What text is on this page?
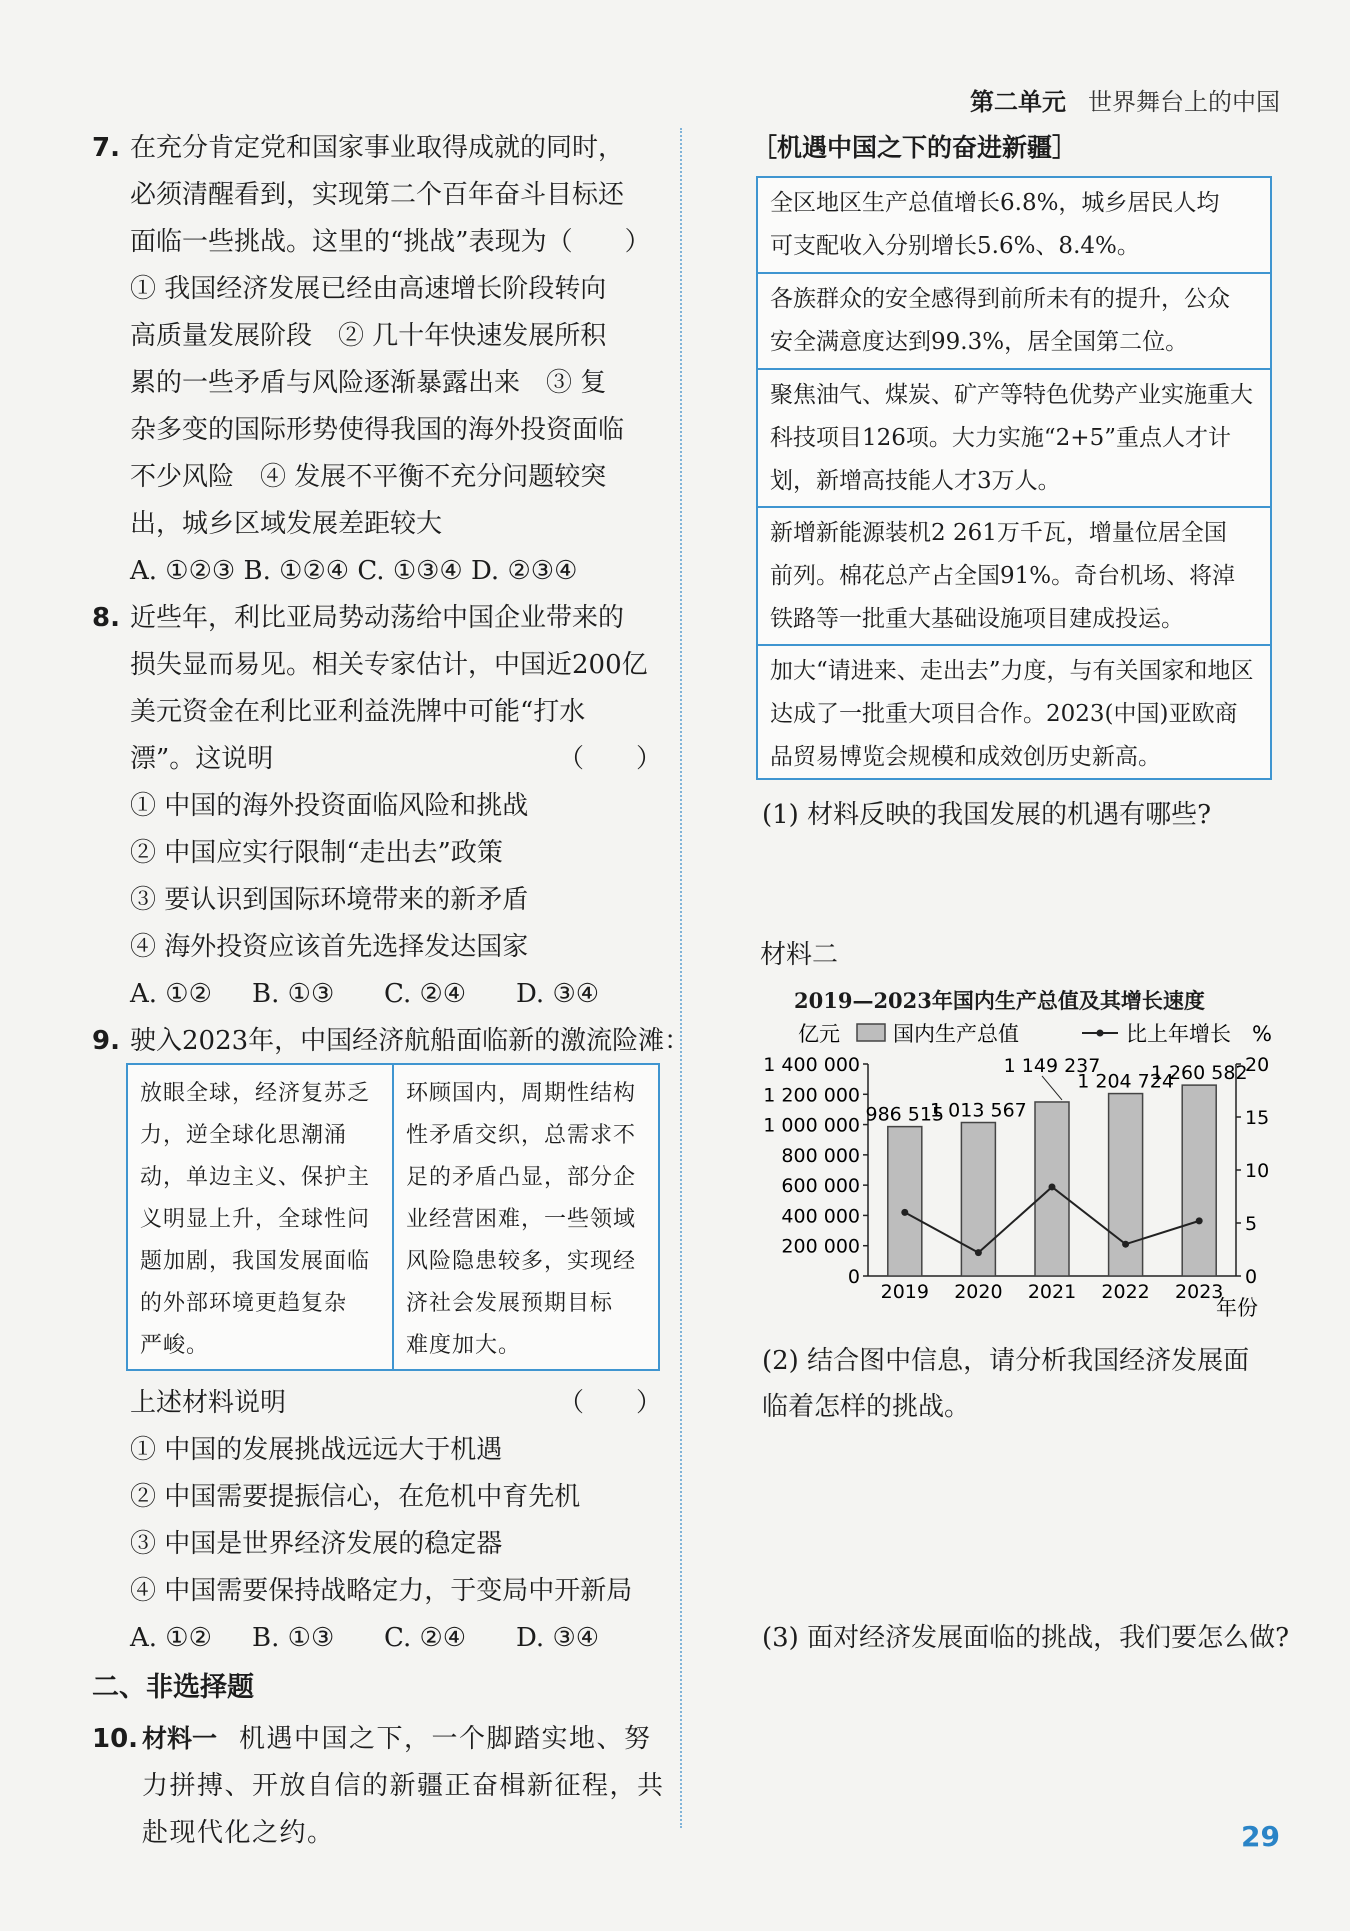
第二单元 世界舞台上的中国
7. 在充分肯定党和国家事业取得成就的同时，
必须清醒看到，实现第二个百年奋斗目标还
面临一些挑战。这里的“挑战”表现为（　　）
① 我国经济发展已经由高速增长阶段转向
高质量发展阶段　② 几十年快速发展所积
累的一些矛盾与风险逐渐暴露出来　③ 复
杂多变的国际形势使得我国的海外投资面临
不少风险　④ 发展不平衡不充分问题较突
出，城乡区域发展差距较大
A. ①②③ B. ①②④ C. ①③④ D. ②③④
8. 近些年，利比亚局势动荡给中国企业带来的
损失显而易见。相关专家估计，中国近200亿
美元资金在利比亚利益洗牌中可能“打水
漂”。这说明	（　　）
① 中国的海外投资面临风险和挑战
② 中国应实行限制“走出去”政策
③ 要认识到国际环境带来的新矛盾
④ 海外投资应该首先选择发达国家
A. ①② B. ①③ C. ②④ D. ③④
9. 驶入2023年，中国经济航船面临新的激流险滩：
放眼全球，经济复苏乏
力，逆全球化思潮涌
动，单边主义、保护主
义明显上升，全球性问
题加剧，我国发展面临
的外部环境更趋复杂
严峻。
环顾国内，周期性结构
性矛盾交织，总需求不
足的矛盾凸显，部分企
业经营困难，一些领域
风险隐患较多，实现经
济社会发展预期目标
难度加大。
上述材料说明	（　　）
① 中国的发展挑战远远大于机遇
② 中国需要提振信心，在危机中育先机
③ 中国是世界经济发展的稳定器
④ 中国需要保持战略定力，于变局中开新局
A. ①② B. ①③ C. ②④ D. ③④
二、非选择题
10. 材料一 机遇中国之下，一个脚踏实地、努
力拼搏、开放自信的新疆正奋楫新征程，共
赴现代化之约。
［机遇中国之下的奋进新疆］
全区地区生产总值增长6.8%，城乡居民人均
可支配收入分别增长5.6%、8.4%。
各族群众的安全感得到前所未有的提升，公众
安全满意度达到99.3%，居全国第二位。
聚焦油气、煤炭、矿产等特色优势产业实施重大
科技项目126项。大力实施“2+5”重点人才计
划，新增高技能人才3万人。
新增新能源装机2 261万千瓦，增量位居全国
前列。棉花总产占全国91%。奇台机场、将淖
铁路等一批重大基础设施项目建成投运。
加大“请进来、走出去”力度，与有关国家和地区
达成了一批重大项目合作。2023(中国)亚欧商
品贸易博览会规模和成效创历史新高。
(1) 材料反映的我国发展的机遇有哪些?
材料二
2019—2023年国内生产总值及其增长速度
亿元	国内生产总值	比上年增长 %
0
200 000
400 000
600 000
800 000
1 000 000
1 200 000
1 400 000
0
5
10
15
20
2019
986 515
2020
1 013 567
2021
1 149 237
2022
1 204 724
2023
1 260 582
年份
(2) 结合图中信息，请分析我国经济发展面
临着怎样的挑战。
(3) 面对经济发展面临的挑战，我们要怎么做?
29
